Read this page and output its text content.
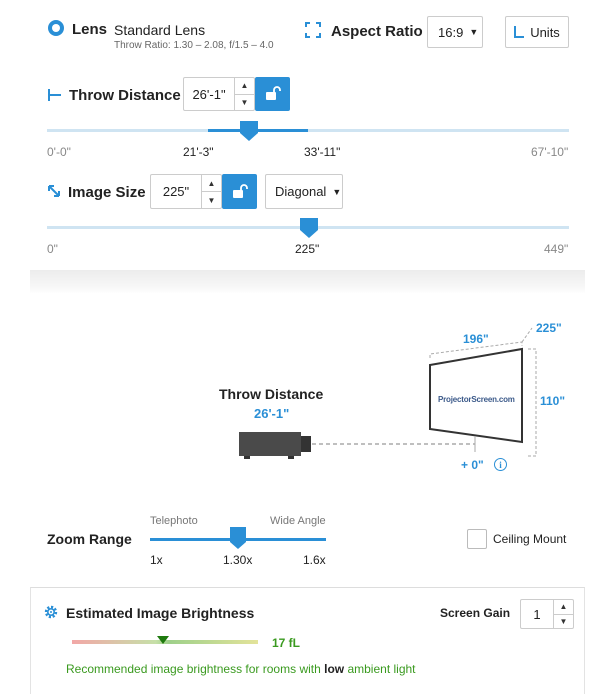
Lens Standard Lens
Throw Ratio: 1.30 – 2.08, f/1.5 – 4.0
Aspect Ratio 16:9 ▼	Units
Throw Distance 26'-1"
▲
▼
0'-0"	21'-3"	33'-11"	67'-10"
Image Size	225"
▲
▼
Diagonal ▼
0"	225"	449"
ProjectorScreen.com
Throw Distance
26'-1"
196"
225"
110"
+ 0"	i
Zoom Range
Telephoto	Wide Angle
1x	1.30x	1.6x
Ceiling Mount
Estimated Image Brightness	Screen Gain	1	▲
▼
17 fL
Recommended image brightness for rooms with low ambient light
